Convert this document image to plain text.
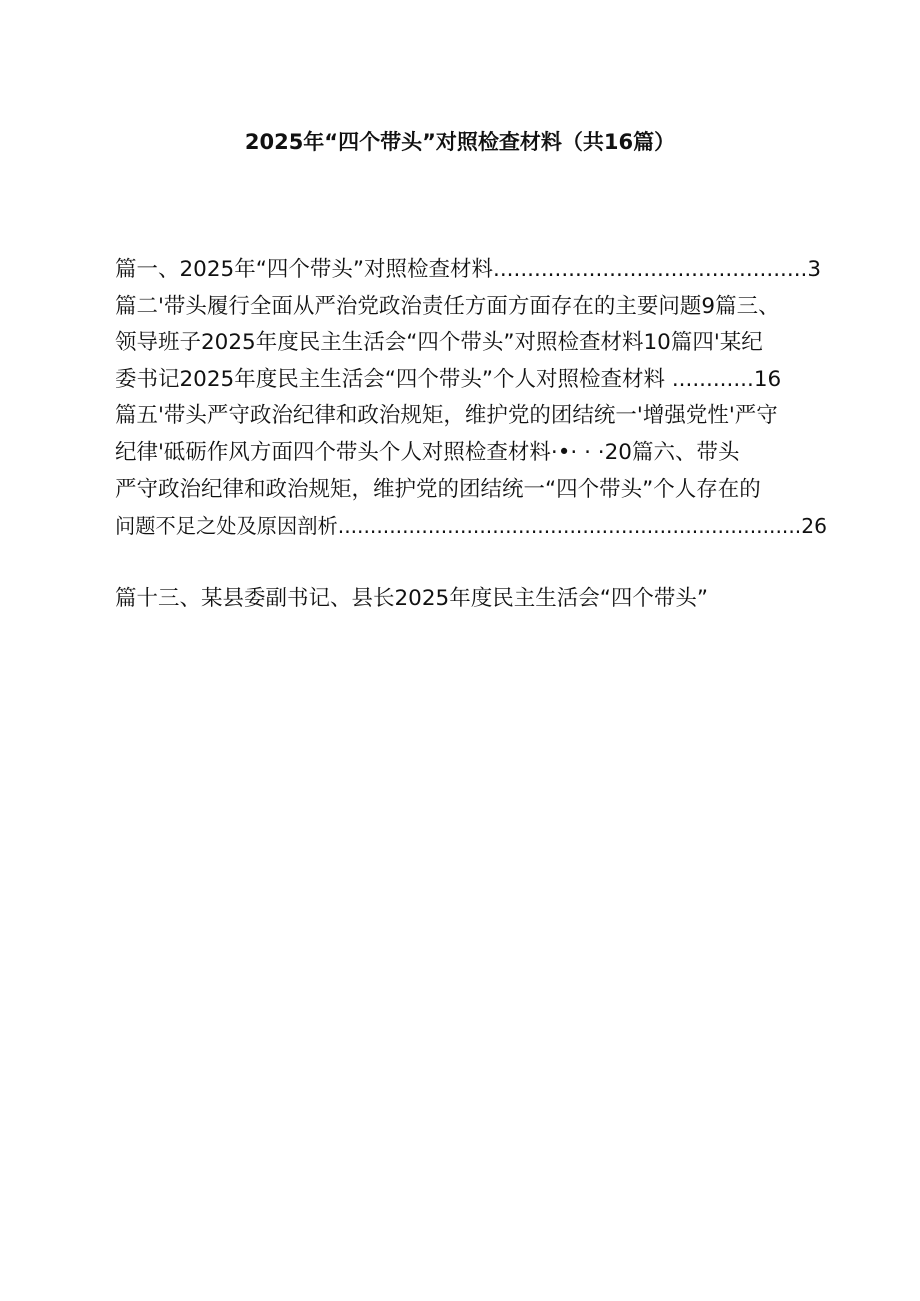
2025年“四个带头”对照检查材料（共16篇）
篇一、2025年“四个带头”对照检查材料..............................................3
篇二'带头履行全面从严治党政治责任方面方面存在的主要问题9篇三、
领导班子2025年度民主生活会“四个带头”对照检查材料10篇四'某纪
委书记2025年度民主生活会“四个带头”个人对照检查材料 ............16
篇五'带头严守政治纪律和政治规矩，维护党的团结统一'增强党性'严守
纪律'砥砺作风方面四个带头个人对照检查材料·•· · ·20篇六、带头
严守政治纪律和政治规矩，维护党的团结统一“四个带头”个人存在的
问题不足之处及原因剖析........................................................................26
篇十三、某县委副书记、县长2025年度民主生活会“四个带头”
